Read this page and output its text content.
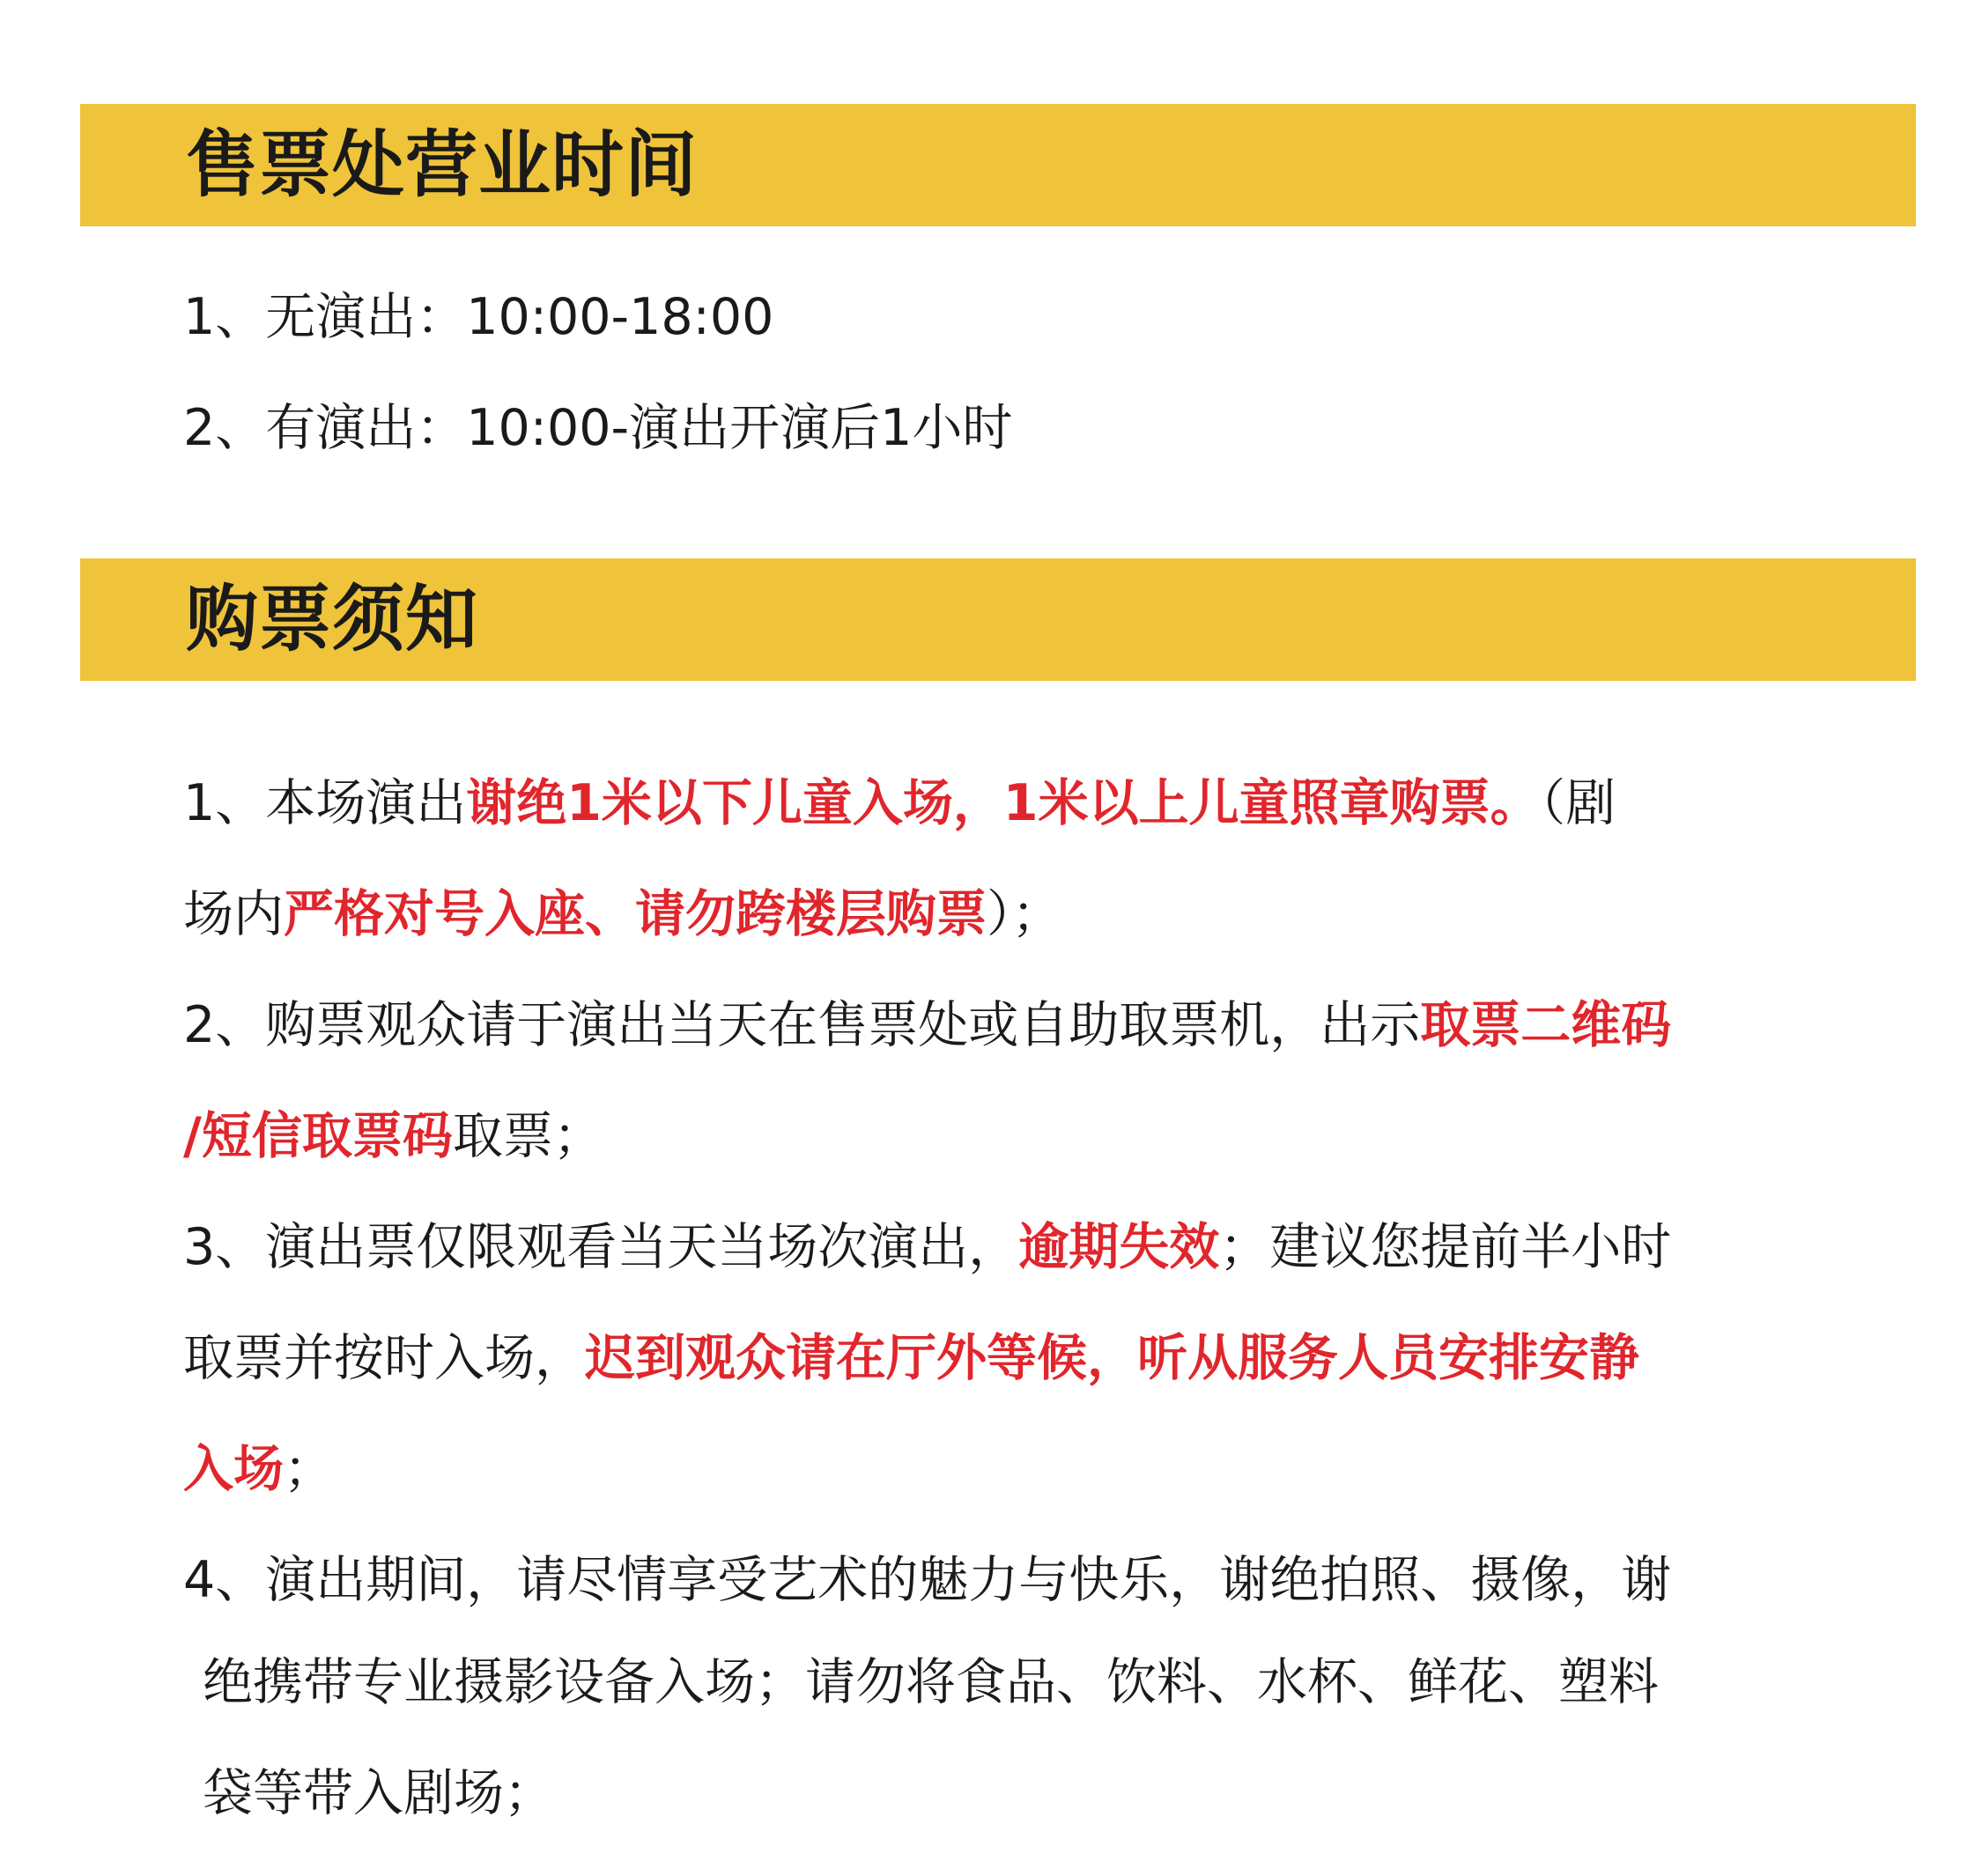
售票处营业时间
1、无演出：10:00-18:00
2、有演出：10:00-演出开演后1小时
购票须知
1、本场演出谢绝1米以下儿童入场，1米以上儿童照章购票。（剧
场内严格对号入座、请勿跨楼层购票）；
2、购票观众请于演出当天在售票处或自助取票机，出示取票二维码
/短信取票码取票；
3、演出票仅限观看当天当场次演出，逾期失效；建议您提前半小时
取票并按时入场，迟到观众请在厅外等候，听从服务人员安排安静
入场；
4、演出期间，请尽情享受艺术的魅力与快乐，谢绝拍照、摄像，谢
绝携带专业摄影设备入场；请勿将食品、饮料、水杯、鲜花、塑料
袋等带入剧场；
